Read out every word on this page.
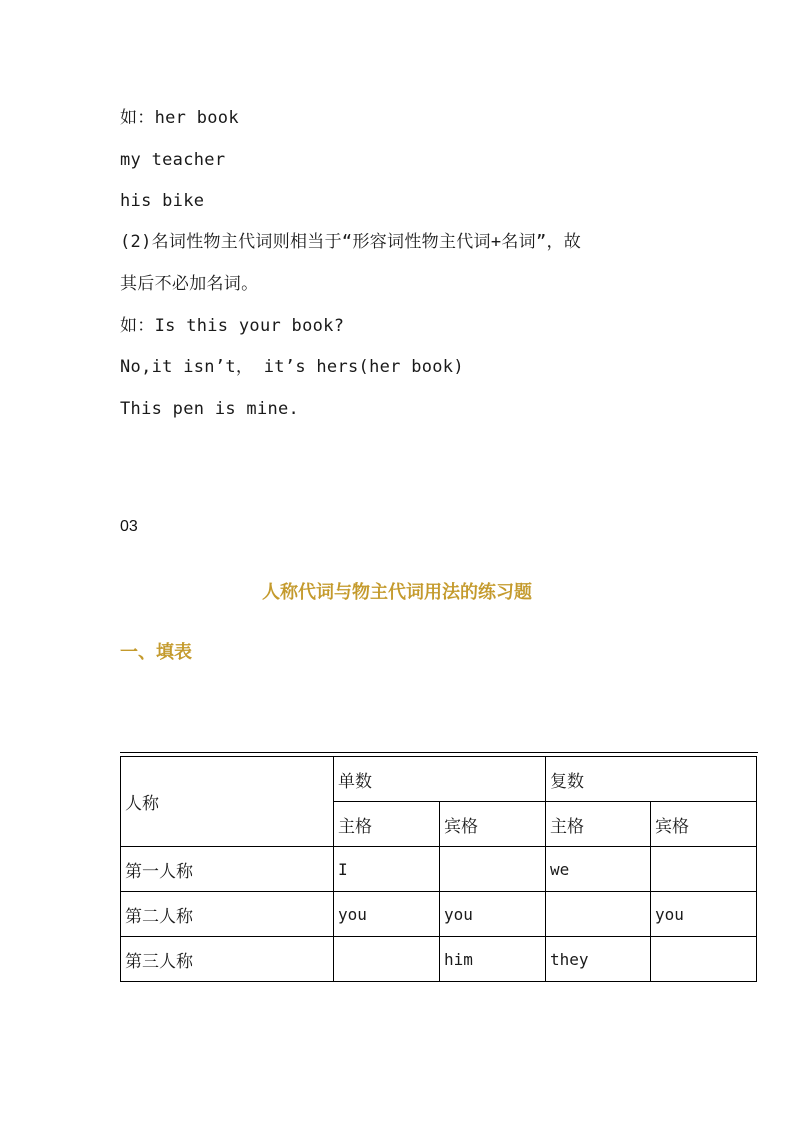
如：her book
my teacher
his bike
(2)名词性物主代词则相当于“形容词性物主代词+名词”，故
其后不必加名词。
如：Is this your book?
No,it isn’t， it’s hers(her book)
This pen is mine.
03
人称代词与物主代词用法的练习题
一、填表
人称	单数		复数	
	主格	宾格	主格	宾格
第一人称	I		we	
第二人称	you	you		you
第三人称		him	they	
